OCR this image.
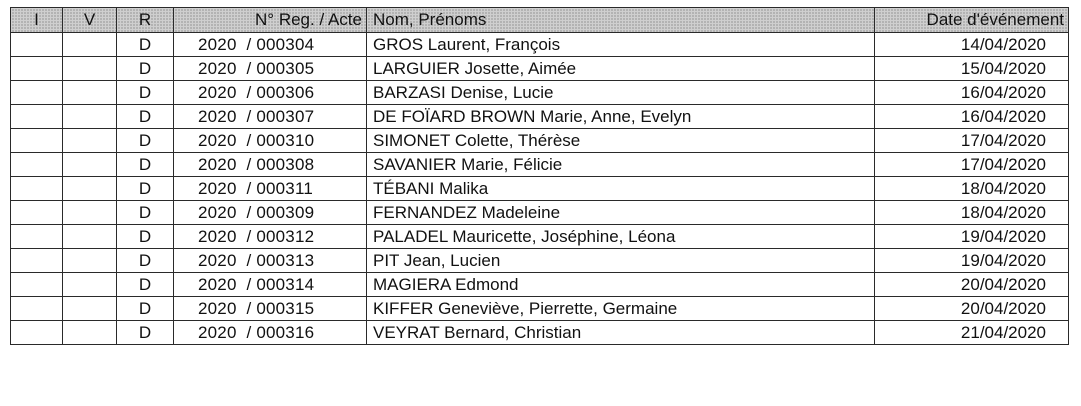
I	V	R	N° Reg. / Acte	Nom, Prénoms	Date d'événement
		D	2020 / 000304	GROS Laurent, François	14/04/2020
		D	2020 / 000305	LARGUIER Josette, Aimée	15/04/2020
		D	2020 / 000306	BARZASI Denise, Lucie	16/04/2020
		D	2020 / 000307	DE FOÏARD BROWN Marie, Anne, Evelyn	16/04/2020
		D	2020 / 000310	SIMONET Colette, Thérèse	17/04/2020
		D	2020 / 000308	SAVANIER Marie, Félicie	17/04/2020
		D	2020 / 000311	TÉBANI Malika	18/04/2020
		D	2020 / 000309	FERNANDEZ Madeleine	18/04/2020
		D	2020 / 000312	PALADEL Mauricette, Joséphine, Léona	19/04/2020
		D	2020 / 000313	PIT Jean, Lucien	19/04/2020
		D	2020 / 000314	MAGIERA Edmond	20/04/2020
		D	2020 / 000315	KIFFER Geneviève, Pierrette, Germaine	20/04/2020
		D	2020 / 000316	VEYRAT Bernard, Christian	21/04/2020
